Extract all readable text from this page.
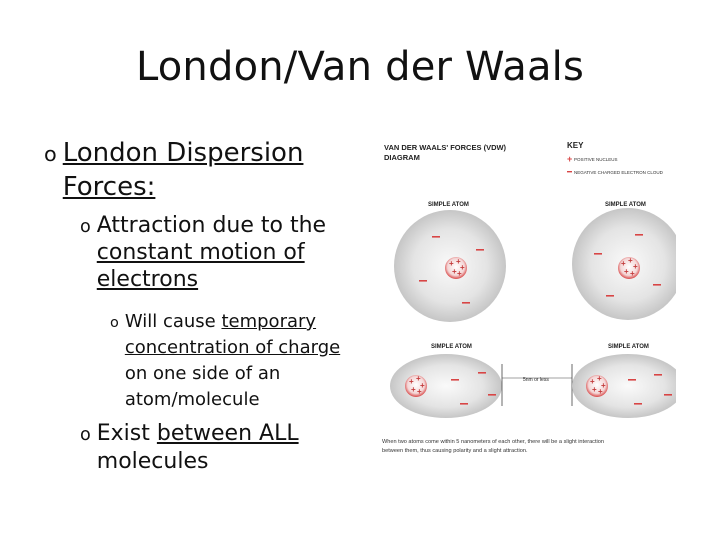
London/Van der Waals
o London Dispersion Forces:
o Attraction due to the
constant motion of electrons
o Will cause temporary concentration of charge on one side of an atom/molecule
o Exist between ALL
molecules
VAN DER WAALS' FORCES (VDW)
DIAGRAM
KEY
+ POSITIVE NUCLEUS
NEGATIVE CHARGED ELECTRON CLOUD
SIMPLE ATOM	SIMPLE ATOM
+ +
+
+ +
+ +
+
+ +
SIMPLE ATOM	SIMPLE ATOM
+ +
+
+ +
5nm or less	+ +
+
+ +
When two atoms come within 5 nanometers of each other, there will be a slight interaction
between them, thus causing polarity and a slight attraction.
